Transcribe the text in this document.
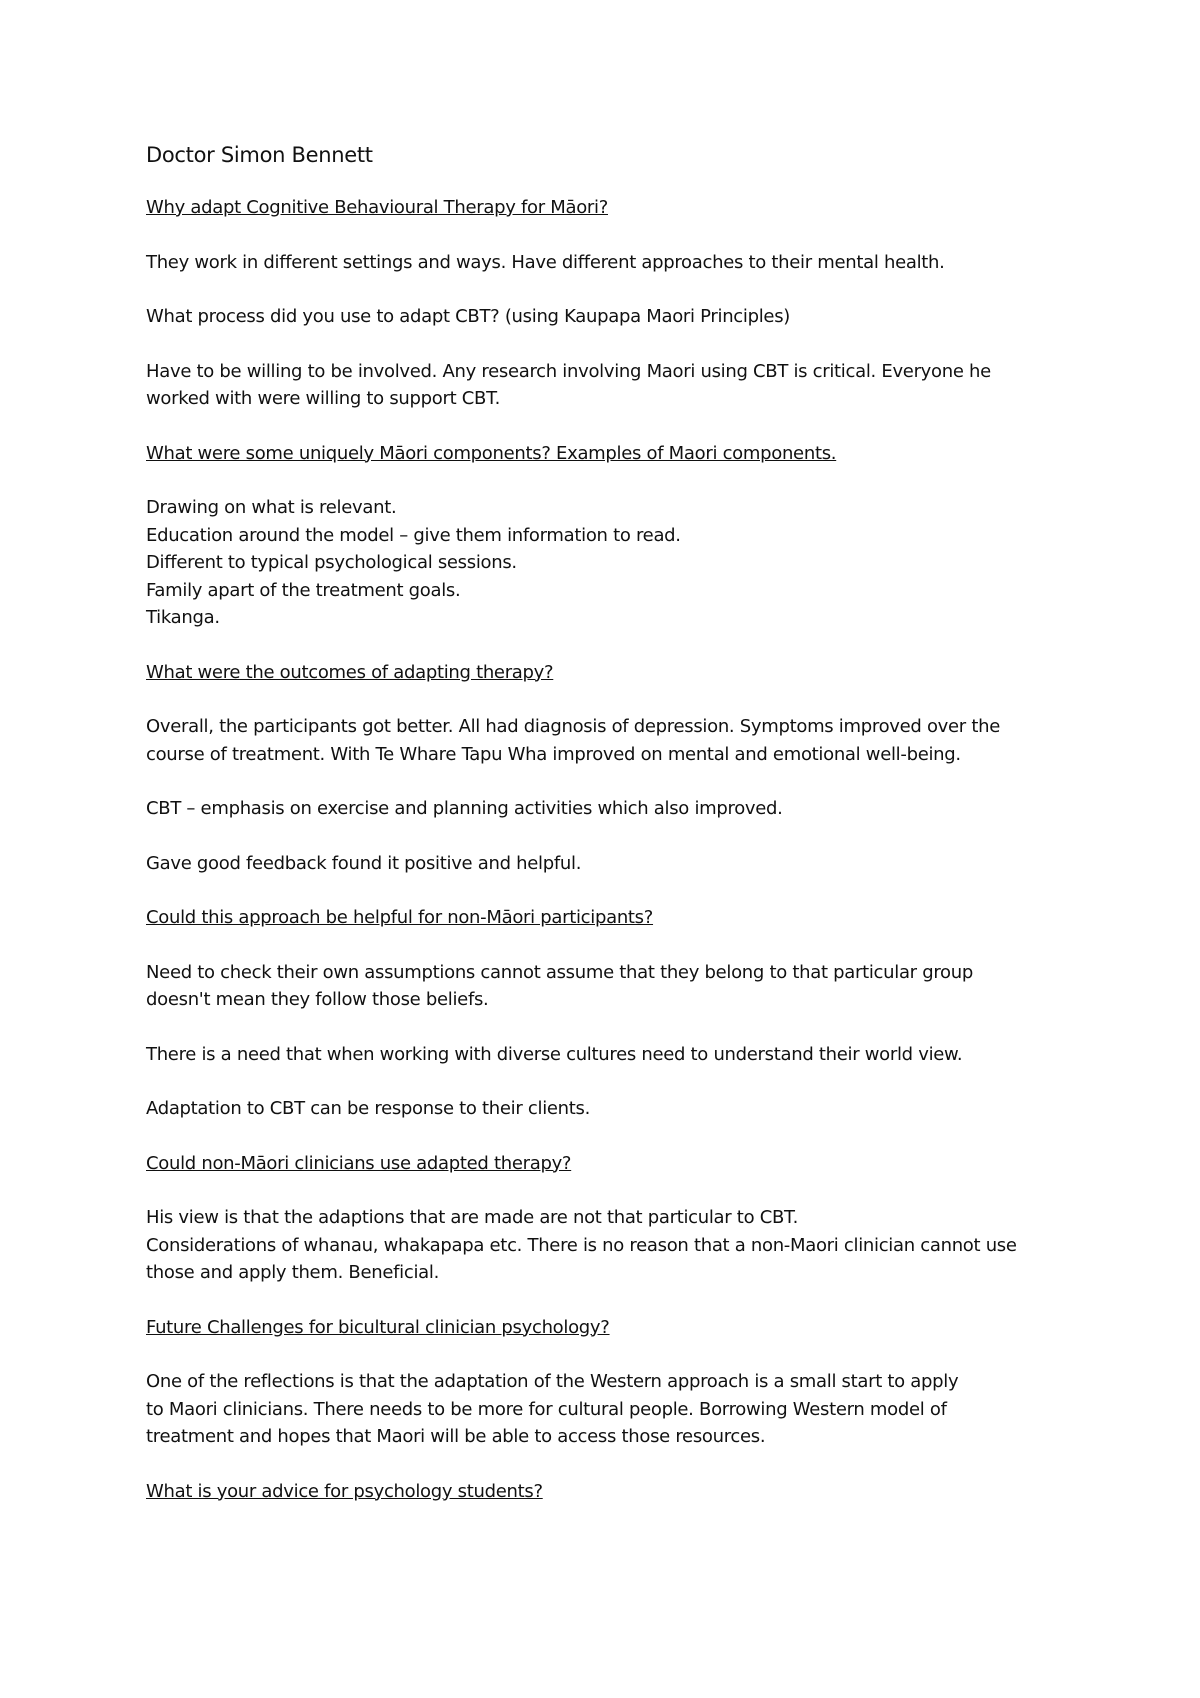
Doctor Simon Bennett
Why adapt Cognitive Behavioural Therapy for Māori?
They work in different settings and ways. Have different approaches to their mental health.
What process did you use to adapt CBT? (using Kaupapa Maori Principles)
Have to be willing to be involved. Any research involving Maori using CBT is critical. Everyone he
worked with were willing to support CBT.
What were some uniquely Māori components? Examples of Maori components.
Drawing on what is relevant.
Education around the model – give them information to read.
Different to typical psychological sessions.
Family apart of the treatment goals.
Tikanga.
What were the outcomes of adapting therapy?
Overall, the participants got better. All had diagnosis of depression. Symptoms improved over the
course of treatment. With Te Whare Tapu Wha improved on mental and emotional well-being.
CBT – emphasis on exercise and planning activities which also improved.
Gave good feedback found it positive and helpful.
Could this approach be helpful for non-Māori participants?
Need to check their own assumptions cannot assume that they belong to that particular group
doesn't mean they follow those beliefs.
There is a need that when working with diverse cultures need to understand their world view.
Adaptation to CBT can be response to their clients.
Could non-Māori clinicians use adapted therapy?
His view is that the adaptions that are made are not that particular to CBT.
Considerations of whanau, whakapapa etc. There is no reason that a non-Maori clinician cannot use
those and apply them. Beneficial.
Future Challenges for bicultural clinician psychology?
One of the reflections is that the adaptation of the Western approach is a small start to apply
to Maori clinicians. There needs to be more for cultural people. Borrowing Western model of
treatment and hopes that Maori will be able to access those resources.
What is your advice for psychology students?
